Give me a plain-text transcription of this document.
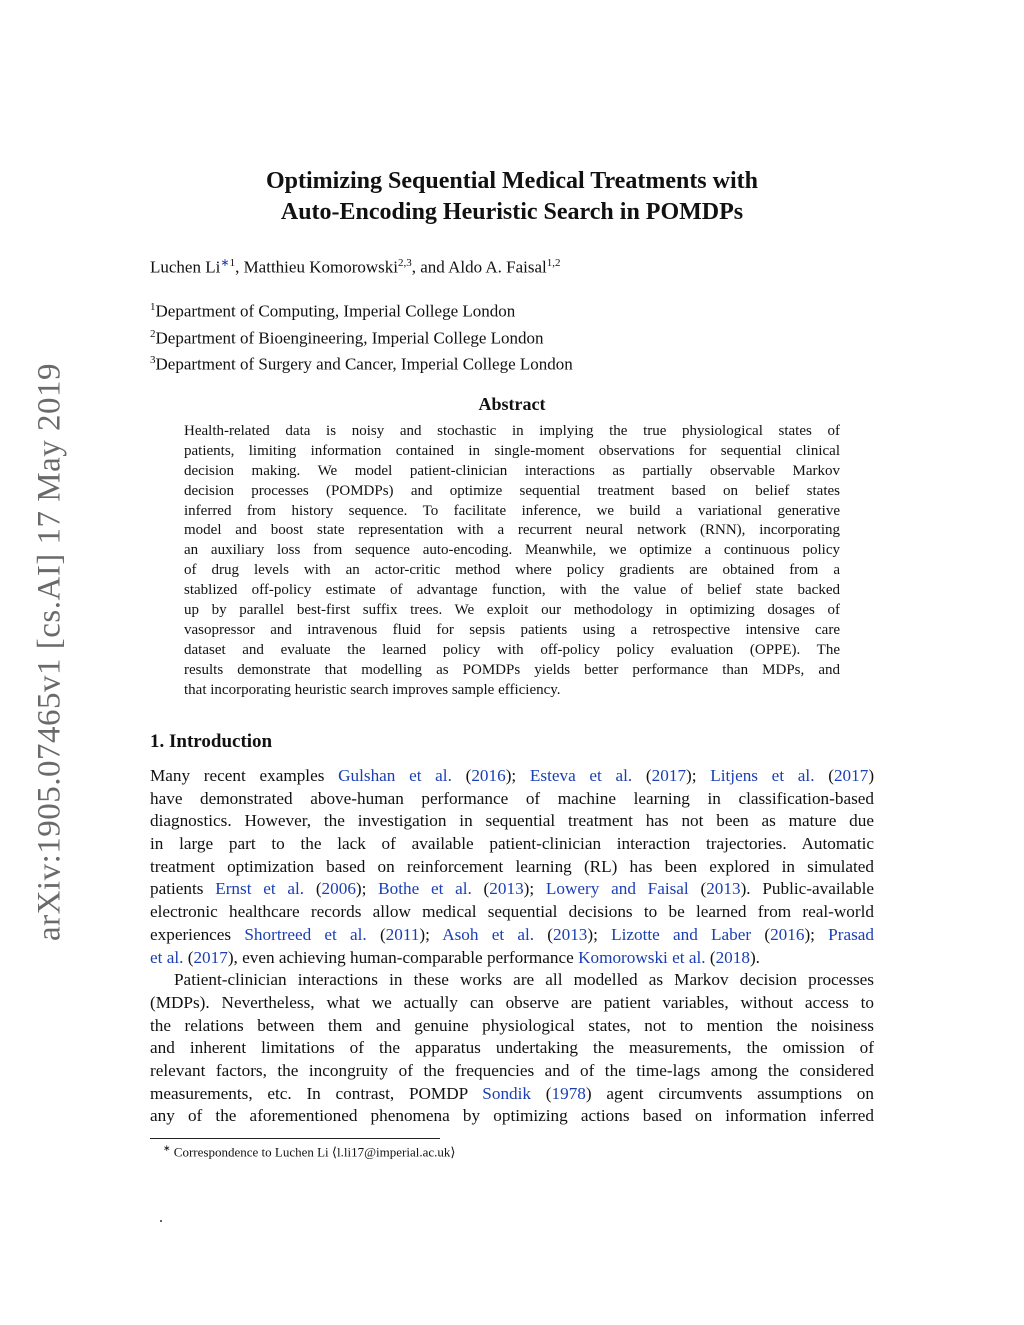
arXiv:1905.07465v1 [cs.AI] 17 May 2019
Optimizing Sequential Medical Treatments with
Auto-Encoding Heuristic Search in POMDPs
Luchen $Li^{∗1}$, Matthieu Komorowski$^{2,3}$, and Aldo A. Faisal$^{1,2}$
$^1$Department of Computing, Imperial College London
$^2$Department of Bioengineering, Imperial College London
$^3$Department of Surgery and Cancer, Imperial College London
Abstract
Health-related data is noisy and stochastic in implying the true physiological states of
patients, limiting information contained in single-moment observations for sequential clinical
decision making. We model patient-clinician interactions as partially observable Markov
decision processes (POMDPs) and optimize sequential treatment based on belief states
inferred from history sequence. To facilitate inference, we build a variational generative
model and boost state representation with a recurrent neural network (RNN), incorporating
an auxiliary loss from sequence auto-encoding. Meanwhile, we optimize a continuous policy
of drug levels with an actor-critic method where policy gradients are obtained from a
stablized off-policy estimate of advantage function, with the value of belief state backed
up by parallel best-first suffix trees. We exploit our methodology in optimizing dosages of
vasopressor and intravenous fluid for sepsis patients using a retrospective intensive care
dataset and evaluate the learned policy with off-policy policy evaluation (OPPE). The
results demonstrate that modelling as POMDPs yields better performance than MDPs, and
that incorporating heuristic search improves sample efficiency.
1. Introduction
Many recent examples Gulshan et al. (2016); Esteva et al. (2017); Litjens et al. (2017)
have demonstrated above-human performance of machine learning in classification-based
diagnostics. However, the investigation in sequential treatment has not been as mature due
in large part to the lack of available patient-clinician interaction trajectories. Automatic
treatment optimization based on reinforcement learning (RL) has been explored in simulated
patients Ernst et al. (2006); Bothe et al. (2013); Lowery and Faisal (2013). Public-available
electronic healthcare records allow medical sequential decisions to be learned from real-world
experiences Shortreed et al. (2011); Asoh et al. (2013); Lizotte and Laber (2016); Prasad
et al. (2017), even achieving human-comparable performance Komorowski et al. (2018).
Patient-clinician interactions in these works are all modelled as Markov decision processes
(MDPs). Nevertheless, what we actually can observe are patient variables, without access to
the relations between them and genuine physiological states, not to mention the noisiness
and inherent limitations of the apparatus undertaking the measurements, the omission of
relevant factors, the incongruity of the frequencies and of the time-lags among the considered
measurements, etc. In contrast, POMDP Sondik (1978) agent circumvents assumptions on
any of the aforementioned phenomena by optimizing actions based on information inferred
∗ Correspondence to Luchen Li ⟨l.li17@imperial.ac.uk⟩
